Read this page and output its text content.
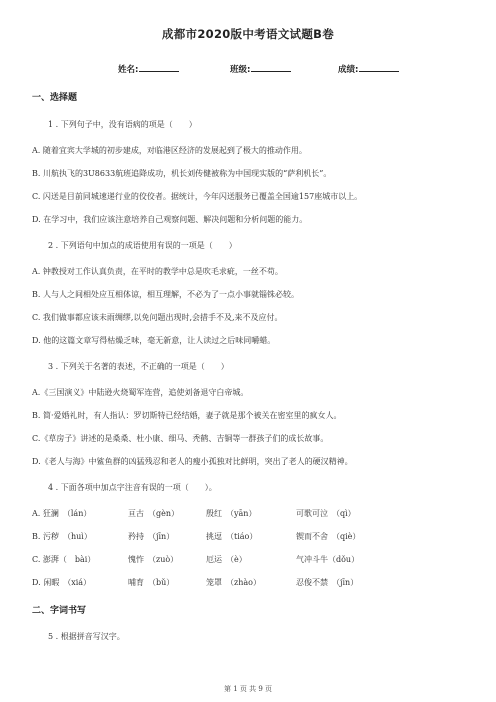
成都市2020版中考语文试题B卷
姓名:	班级:	成绩:
一、选择题
1 . 下列句子中，没有语病的项是（　　）
A. 随着宜宾大学城的初步建成，对临港区经济的发展起到了极大的推动作用。
B. 川航执飞的3U8633航班追降成功，机长刘传健被称为中国现实版的“萨利机长”。
C. 闪送是目前同城速递行业的佼佼者。据统计，今年闪送服务已覆盖全国逾157座城市以上。
D. 在学习中，我们应该注意培养自己观察问题、解决问题和分析问题的能力。
2 . 下列语句中加点的成语使用有误的一项是（　　）
A. 钟教授对工作认真负责，在平时的教学中总是吹毛求疵，一丝不苟。
B. 人与人之间相处应互相体谅，相互理解，不必为了一点小事就锱铢必较。
C. 我们做事都应该未雨绸缪,以免问题出现时,会措手不及,来不及应付。
D. 他的这篇文章写得枯燥乏味，毫无新意，让人读过之后味同嚼蜡。
3 . 下列关于名著的表述，不正确的一项是（　　）
A.《三国演义》中陆逊火烧蜀军连营，追使刘备退守白帝城。
B. 简·爱婚礼时，有人指认：罗切斯特已经结婚，妻子就是那个被关在密室里的疯女人。
C.《草房子》讲述的是桑桑、杜小康、细马、秃鹤、吉铜等一群孩子们的成长故事。
D.《老人与海》中鲨鱼群的凶猛残忍和老人的瘦小孤独对比鲜明，突出了老人的硬汉精神。
4 . 下面各项中加点字注音有误的一项（　　）。
A. 狂澜　（lán）	亘古　（gèn）	殷红　（yān）	可歌可泣　（qì）
B. 污秽　（huì）	矜持　（jīn）	挑逗　（tiáo）	锲而不舍　（qiè）
C. 澎湃（　bài）	愧怍　（zuò）	厄运　（è）	气冲斗牛（dǒu）
D. 闲暇　（xiá）	哺育　（bǔ）	笼罩　（zhào）	忍俊不禁　（jīn）
二、字词书写
5 . 根据拼音写汉字。
第 1 页 共 9 页
